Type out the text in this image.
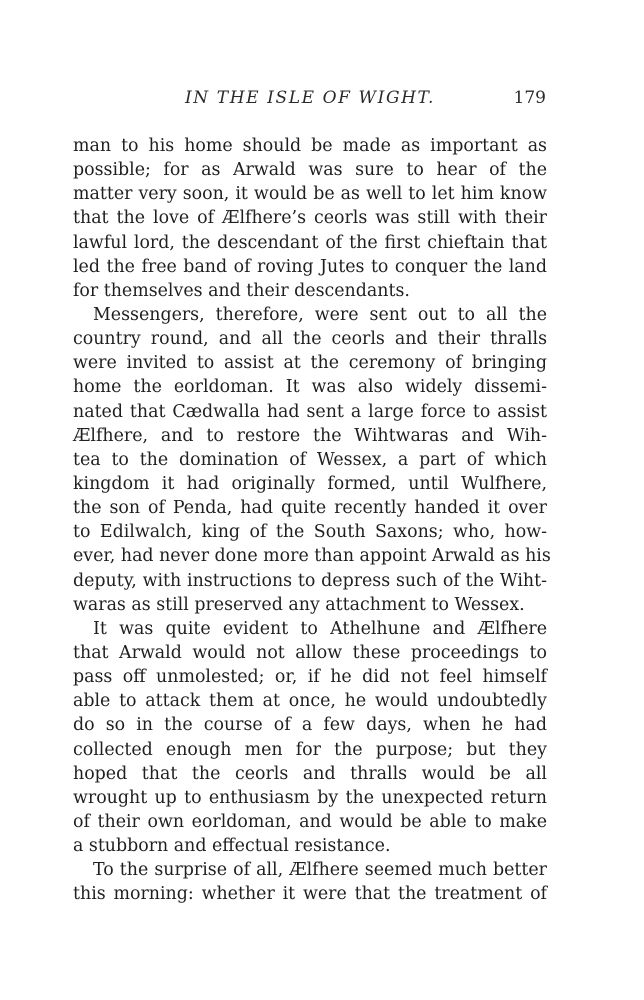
IN THE ISLE OF WIGHT.	179
man to his home should be made as important as
possible; for as Arwald was sure to hear of the
matter very soon, it would be as well to let him know
that the love of Ælfhere’s ceorls was still with their
lawful lord, the descendant of the first chieftain that
led the free band of roving Jutes to conquer the land
for themselves and their descendants.
Messengers, therefore, were sent out to all the
country round, and all the ceorls and their thralls
were invited to assist at the ceremony of bringing
home the eorldoman. It was also widely dissemi-
nated that Cædwalla had sent a large force to assist
Ælfhere, and to restore the Wihtwaras and Wih-
tea to the domination of Wessex, a part of which
kingdom it had originally formed, until Wulfhere,
the son of Penda, had quite recently handed it over
to Edilwalch, king of the South Saxons; who, how-
ever, had never done more than appoint Arwald as his
deputy, with instructions to depress such of the Wiht-
waras as still preserved any attachment to Wessex.
It was quite evident to Athelhune and Ælfhere
that Arwald would not allow these proceedings to
pass off unmolested; or, if he did not feel himself
able to attack them at once, he would undoubtedly
do so in the course of a few days, when he had
collected enough men for the purpose; but they
hoped that the ceorls and thralls would be all
wrought up to enthusiasm by the unexpected return
of their own eorldoman, and would be able to make
a stubborn and effectual resistance.
To the surprise of all, Ælfhere seemed much better
this morning: whether it were that the treatment of
